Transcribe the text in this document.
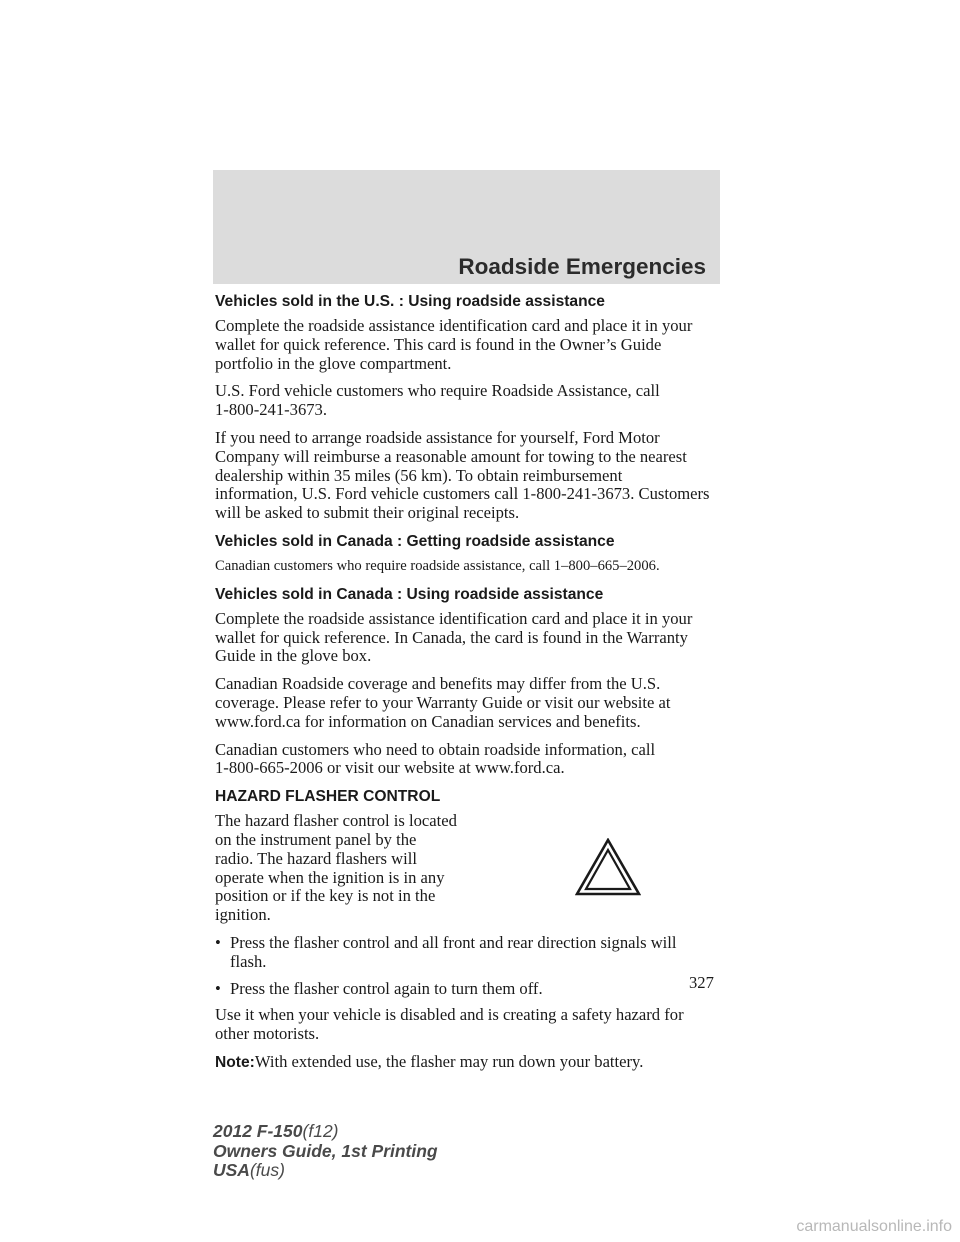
Roadside Emergencies
Vehicles sold in the U.S. : Using roadside assistance

Complete the roadside assistance identification card and place it in your
wallet for quick reference. This card is found in the Owner’s Guide
portfolio in the glove compartment.

U.S. Ford vehicle customers who require Roadside Assistance, call
1-800-241-3673.

If you need to arrange roadside assistance for yourself, Ford Motor
Company will reimburse a reasonable amount for towing to the nearest
dealership within 35 miles (56 km). To obtain reimbursement
information, U.S. Ford vehicle customers call 1-800-241-3673. Customers
will be asked to submit their original receipts.

Vehicles sold in Canada : Getting roadside assistance

Canadian customers who require roadside assistance, call 1–800–665–2006.

Vehicles sold in Canada : Using roadside assistance

Complete the roadside assistance identification card and place it in your
wallet for quick reference. In Canada, the card is found in the Warranty
Guide in the glove box.

Canadian Roadside coverage and benefits may differ from the U.S.
coverage. Please refer to your Warranty Guide or visit our website at
www.ford.ca for information on Canadian services and benefits.

Canadian customers who need to obtain roadside information, call
1-800-665-2006 or visit our website at www.ford.ca.

HAZARD FLASHER CONTROL

The hazard flasher control is located
on the instrument panel by the
radio. The hazard flashers will
operate when the ignition is in any
position or if the key is not in the
ignition.

• Press the flasher control and all front and rear direction signals will
flash.
• Press the flasher control again to turn them off.

Use it when your vehicle is disabled and is creating a safety hazard for
other motorists.

Note:With extended use, the flasher may run down your battery.

327
2012 F-150(f12)
Owners Guide, 1st Printing
USA(fus)
carmanualsonline.info
